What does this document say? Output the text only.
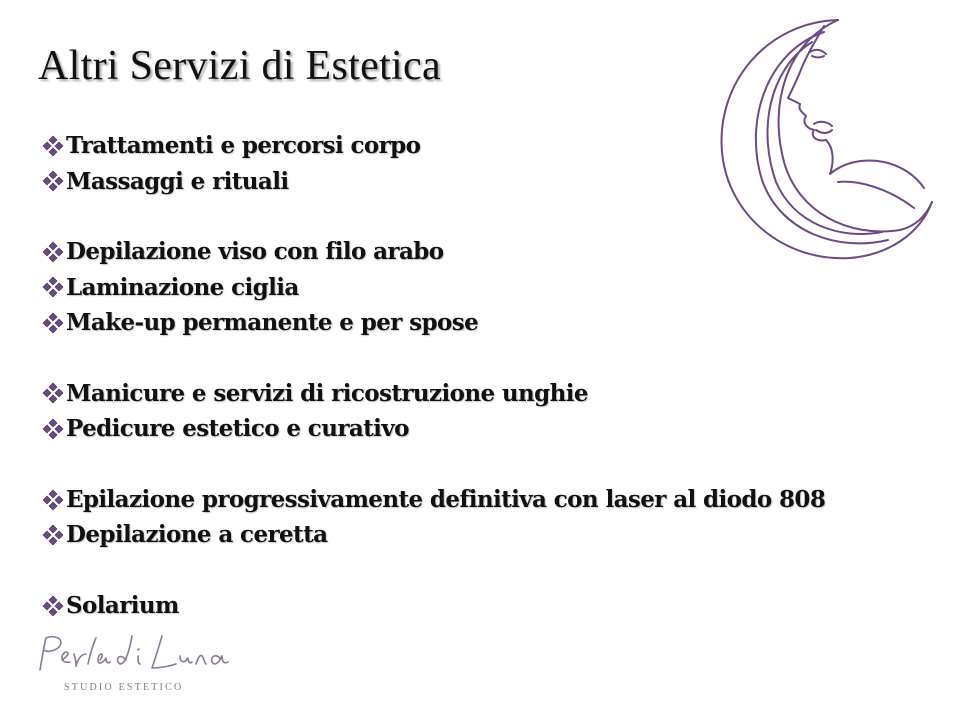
Altri Servizi di Estetica
Trattamenti e percorsi corpo
Massaggi e rituali
Depilazione viso con filo arabo
Laminazione ciglia
Make-up permanente e per spose
Manicure e servizi di ricostruzione unghie
Pedicure estetico e curativo
Epilazione progressivamente definitiva con laser al diodo 808
Depilazione a ceretta
Solarium
STUDIO ESTETICO
